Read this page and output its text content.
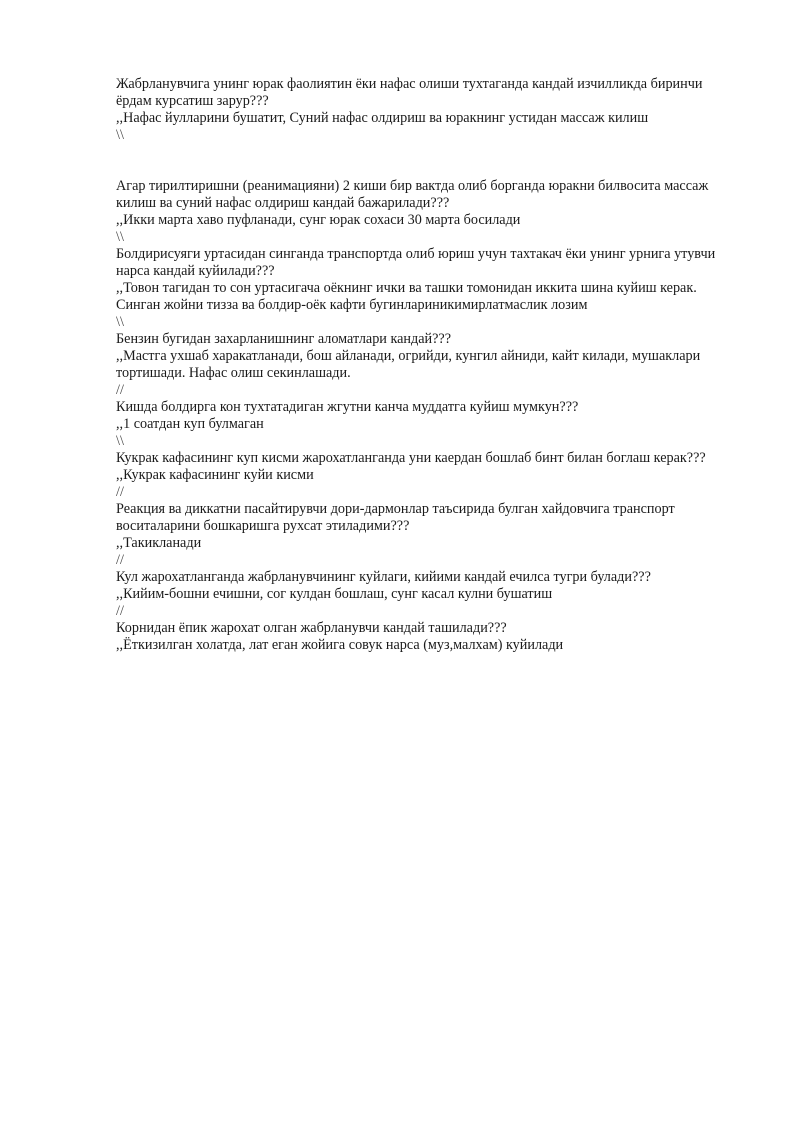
Жабрланувчига унинг юрак фаолиятин ёки нафас олиши тухтаганда кандай изчилликда биринчи
ёрдам курсатиш зарур???
,,Нафас йулларини бушатит, Суний нафас олдириш ва юракнинг устидан массаж килиш
\\
Агар тирилтиришни (реанимацияни) 2 киши бир вактда олиб борганда юракни билвосита массаж
килиш ва суний нафас олдириш кандай бажарилади???
,,Икки марта хаво пуфланади, сунг юрак сохаси 30 марта босилади
\\
Болдирисуяги уртасидан синганда транспортда олиб юриш учун тахтакач ёки унинг урнига утувчи
нарса кандай куйилади???
,,Товон тагидан то сон уртасигача оёкнинг ички ва ташки томонидан иккита шина куйиш керак.
Синган жойни тизза ва болдир-оёк кафти бугинлариникимирлатмаслик лозим
\\
Бензин бугидан захарланишнинг аломатлари кандай???
,,Мастга ухшаб харакатланади, бош айланади, огрийди, кунгил айниди, кайт килади, мушаклари
тортишади. Нафас олиш секинлашади.
//
Кишда болдирга кон тухтатадиган жгутни канча муддатга куйиш мумкун???
,,1 соатдан куп булмаган
\\
Кукрак кафасининг куп кисми жарохатланганда уни каердан бошлаб бинт билан боглаш керак???
,,Кукрак кафасининг куйи кисми
//
Реакция ва диккатни пасайтирувчи дори-дармонлар таъсирида булган хайдовчига транспорт
воситаларини бошкаришга рухсат этиладими???
,,Такикланади
//
Кул жарохатланганда жабрланувчининг куйлаги, кийими кандай ечилса тугри булади???
,,Кийим-бошни ечишни, сог кулдан бошлаш, сунг касал кулни бушатиш
//
Корнидан ёпик жарохат олган жабрланувчи кандай ташилади???
,,Ёткизилган холатда, лат еган жойига совук нарса (муз,малхам) куйилади
